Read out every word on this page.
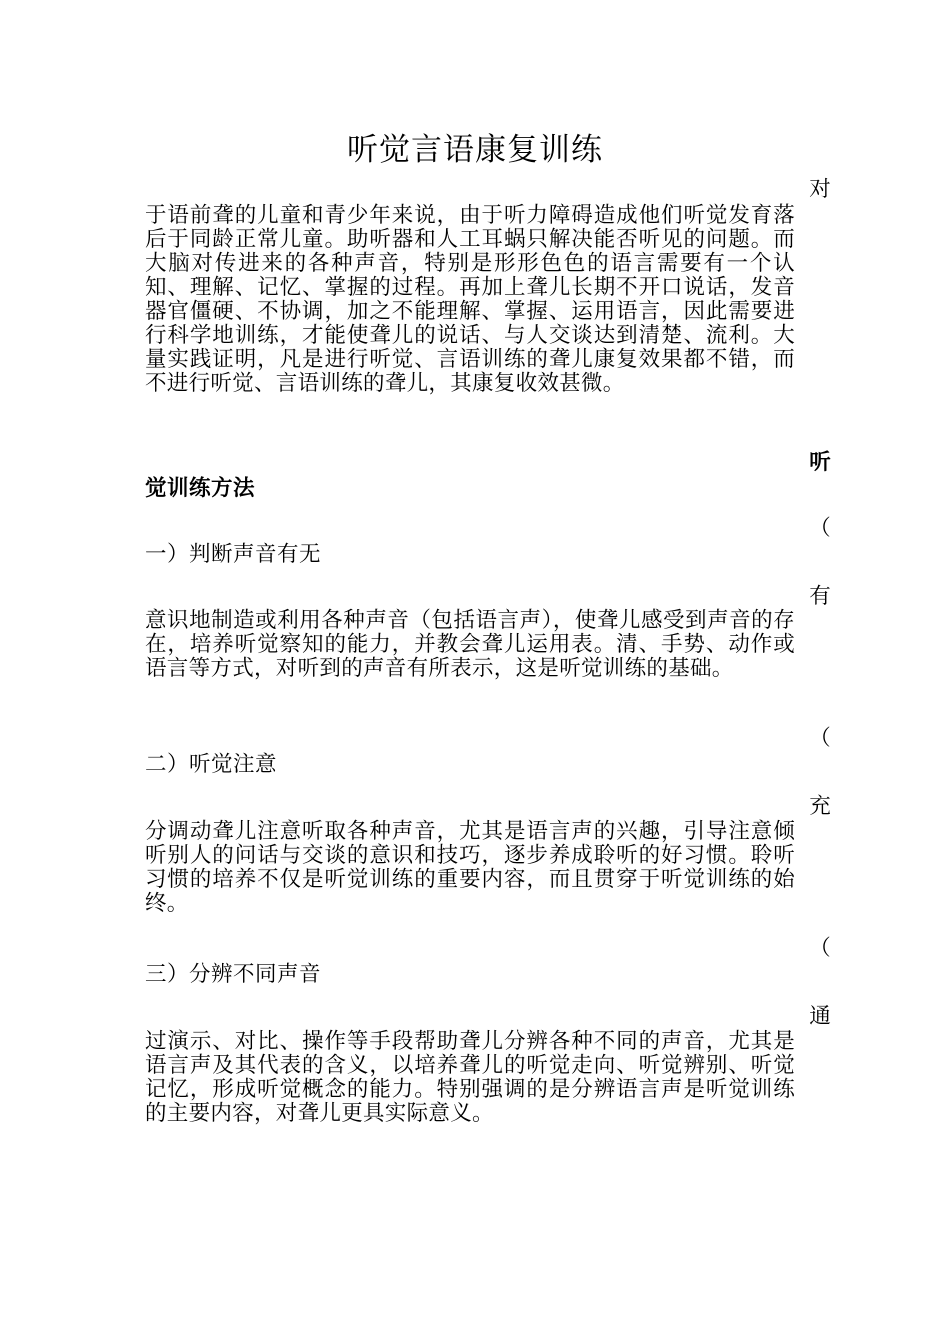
听觉言语康复训练

于语前聋的儿童和青少年来说，由于听力障碍造成他们听觉发育落后于同龄正常儿童。助听器和人工耳蜗只解决能否听见的问题。而大脑对传进来的各种声音，特别是形形色色的语言需要有一个认知、理解、记忆、掌握的过程。再加上聋儿长期不开口说话，发音器官僵硬、不协调，加之不能理解、掌握、运用语言，因此需要进行科学地训练，才能使聋儿的说话、与人交谈达到清楚、流利。大量实践证明，凡是进行听觉、言语训练的聋儿康复效果都不错，而不进行听觉、言语训练的聋儿，其康复收效甚微。

觉训练方法

一）判断声音有无

意识地制造或利用各种声音（包括语言声），使聋儿感受到声音的存在，培养听觉察知的能力，并教会聋儿运用表。清、手势、动作或语言等方式，对听到的声音有所表示，这是听觉训练的基础。

二）听觉注意

分调动聋儿注意听取各种声音，尤其是语言声的兴趣，引导注意倾听别人的问话与交谈的意识和技巧，逐步养成聆听的好习惯。聆听习惯的培养不仅是听觉训练的重要内容，而且贯穿于听觉训练的始终。

三）分辨不同声音

过演示、对比、操作等手段帮助聋儿分辨各种不同的声音，尤其是语言声及其代表的含义，以培养聋儿的听觉走向、听觉辨别、听觉记忆，形成听觉概念的能力。特别强调的是分辨语言声是听觉训练的主要内容，对聋儿更具实际意义。

对
听
（
有
（
充
（
通
